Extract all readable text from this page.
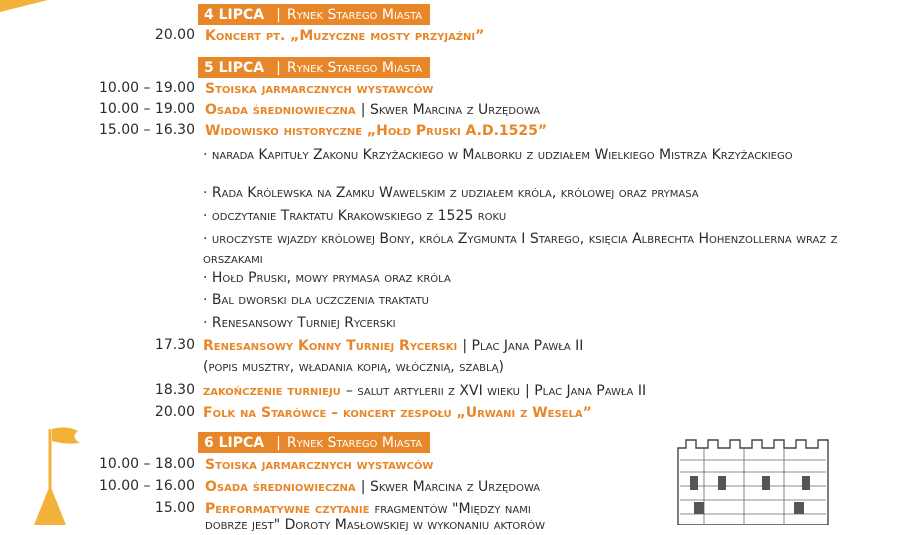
4 LIPCA | Rynek Starego Miasta
20.00 Koncert pt. „Muzyczne mosty przyjaźni”
5 LIPCA | Rynek Starego Miasta
10.00 – 19.00 Stoiska jarmarcznych wystawców
10.00 – 19.00 Osada średniowieczna | Skwer Marcina z Urzędowa
15.00 – 16.30 Widowisko historyczne „Hołd Pruski A.D.1525”
· narada Kapituły Zakonu Krzyżackiego w Malborku z udziałem Wielkiego Mistrza Krzyżackiego
· Rada Królewska na Zamku Wawelskim z udziałem króla, królowej oraz prymasa
· odczytanie Traktatu Krakowskiego z 1525 roku
· uroczyste wjazdy królowej Bony, króla Zygmunta I Starego, księcia Albrechta Hohenzollerna wraz z orszakami
· Hołd Pruski, mowy prymasa oraz króla
· Bal dworski dla uczczenia traktatu
· Renesansowy Turniej Rycerski
17.30 Renesansowy Konny Turniej Rycerski | Plac Jana Pawła II
(popis musztry, władania kopią, włócznią, szablą)
18.30 zakończenie turnieju – salut artylerii z XVI wieku | Plac Jana Pawła II
20.00 Folk na Starówce – koncert zespołu „Urwani z Wesela”
6 LIPCA | Rynek Starego Miasta
10.00 – 18.00 Stoiska jarmarcznych wystawców
10.00 – 16.00 Osada średniowieczna | Skwer Marcina z Urzędowa
15.00 Performatywne czytanie fragmentów "Między nami
dobrze jest" Doroty Masłowskiej w wykonaniu aktorów
